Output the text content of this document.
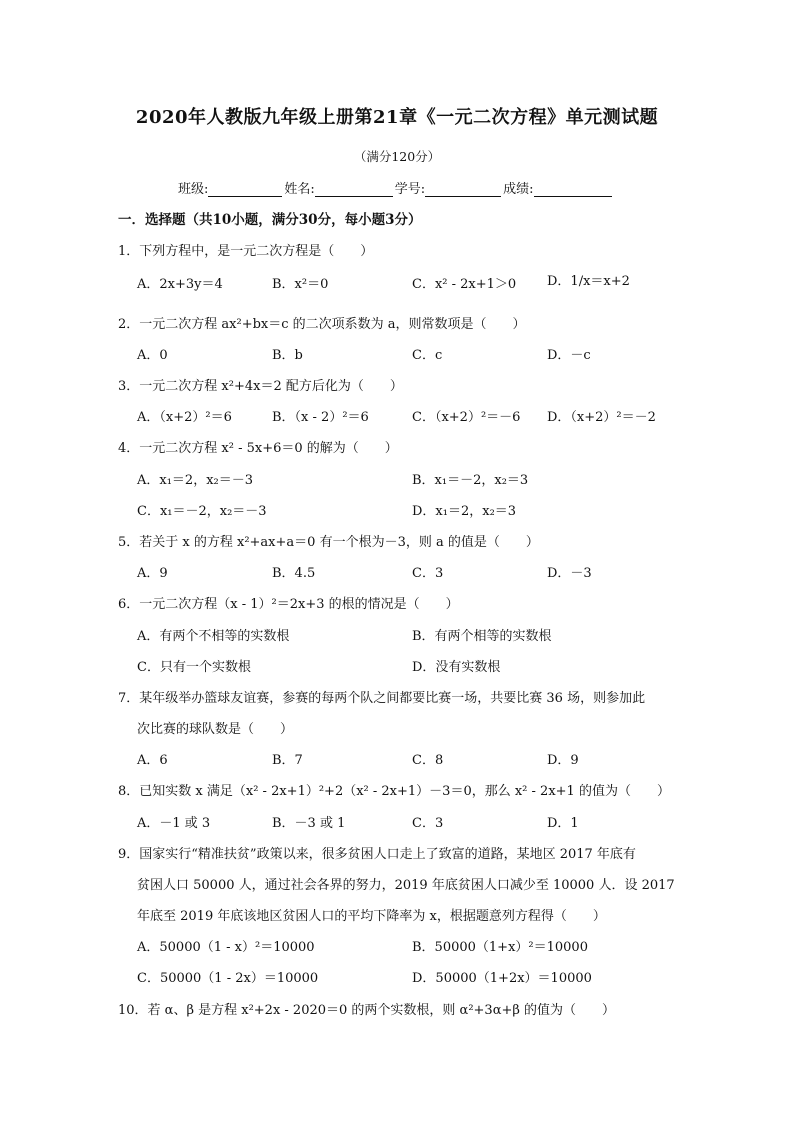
2020年人教版九年级上册第21章《一元二次方程》单元测试题
（满分120分）
班级:	姓名:	学号:	成绩:
一．选择题（共10小题，满分30分，每小题3分）
1．下列方程中，是一元二次方程是（　　）
A．2x+3y＝4	B．x²＝0	C．x² - 2x+1＞0 D．1/x＝x+2
2．一元二次方程 ax²+bx＝c 的二次项系数为 a，则常数项是（　　）
A．0	B．b	C．c	D．－c
3．一元二次方程 x²+4x＝2 配方后化为（　　）
A．（x+2）²＝6	B．（x - 2）²＝6	C．（x+2）²＝－6 D．（x+2）²＝－2
4．一元二次方程 x² - 5x+6＝0 的解为（　　）
A．x₁＝2，x₂＝－3	B．x₁＝－2，x₂＝3
C．x₁＝－2，x₂＝－3	D．x₁＝2，x₂＝3
5．若关于 x 的方程 x²+ax+a＝0 有一个根为－3，则 a 的值是（　　）
A．9	B．4.5	C．3	D．－3
6．一元二次方程（x - 1）²＝2x+3 的根的情况是（　　）
A．有两个不相等的实数根	B．有两个相等的实数根
C．只有一个实数根	D．没有实数根
7．某年级举办篮球友谊赛，参赛的每两个队之间都要比赛一场，共要比赛 36 场，则参加此
次比赛的球队数是（　　）
A．6	B．7	C．8	D．9
8．已知实数 x 满足（x² - 2x+1）²+2（x² - 2x+1）－3＝0，那么 x² - 2x+1 的值为（　　）
A．－1 或 3	B．－3 或 1	C．3	D．1
9．国家实行“精准扶贫”政策以来，很多贫困人口走上了致富的道路，某地区 2017 年底有
贫困人口 50000 人，通过社会各界的努力，2019 年底贫困人口减少至 10000 人．设 2017
年底至 2019 年底该地区贫困人口的平均下降率为 x，根据题意列方程得（　　）
A．50000（1 - x）²＝10000	B．50000（1+x）²＝10000
C．50000（1 - 2x）＝10000	D．50000（1+2x）＝10000
10．若 α、β 是方程 x²+2x - 2020＝0 的两个实数根，则 α²+3α+β 的值为（　　）
